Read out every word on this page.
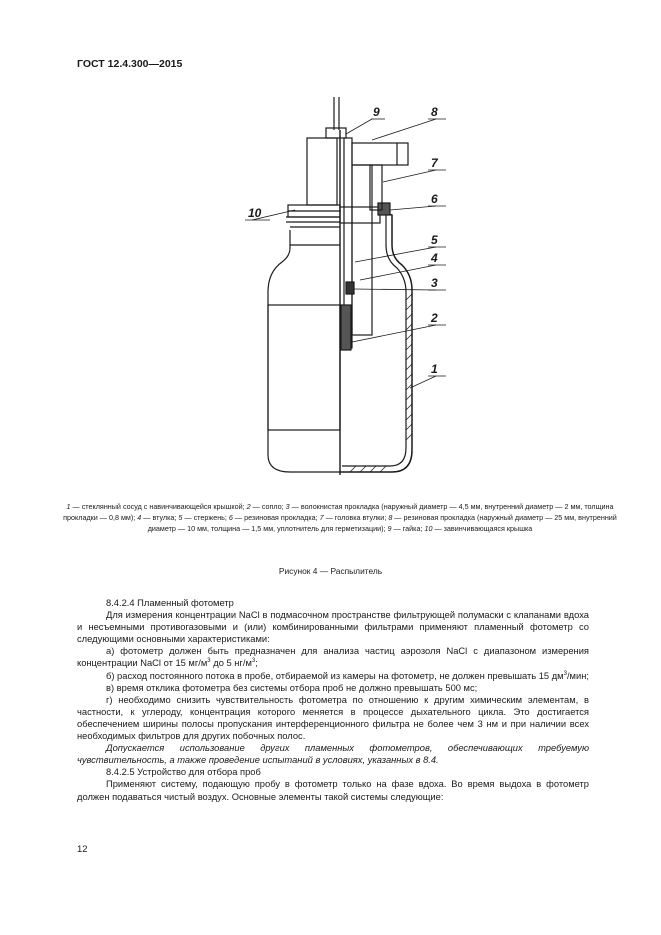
ГОСТ 12.4.300—2015
9	8
7
6
10
5
4
3
2
1
1 — стеклянный сосуд с навинчивающейся крышкой; 2 — сопло; 3 — волокнистая прокладка (наружный диаметр — 4,5 мм, внутренний диаметр — 2 мм, толщина прокладки — 0,8 мм); 4 — втулка; 5 — стержень; 6 — резиновая прокладка; 7 — головка втулки; 8 — резиновая прокладка (наружный диаметр — 25 мм, внутренний диаметр — 10 мм, толщина — 1,5 мм, уплотнитель для герметизации); 9 — гайка; 10 — завинчивающаяся крышка
Рисунок 4 — Распылитель

8.4.2.4 Пламенный фотометр

Для измерения концентрации NaCl в подмасочном пространстве фильтрующей полумаски с клапанами вдоха и несъемными противогазовыми и (или) комбинированными фильтрами применяют пламенный фотометр со следующими основными характеристиками:

а) фотометр должен быть предназначен для анализа частиц аэрозоля NaCl с диапазоном измерения концентрации NaCl от 15 $мг/м^3$ до 5 $нг/м^3$;

б) расход постоянного потока в пробе, отбираемой из камеры на фотометр, не должен превышать 15 $дм^3$/мин;

в) время отклика фотометра без системы отбора проб не должно превышать 500 мс;

г) необходимо снизить чувствительность фотометра по отношению к другим химическим элементам, в частности, к углероду, концентрация которого меняется в процессе дыхательного цикла. Это достигается обеспечением ширины полосы пропускания интерференционного фильтра не более чем 3 нм и при наличии всех необходимых фильтров для других побочных полос.

Допускается использование других пламенных фотометров, обеспечивающих требуемую чувствительность, а также проведение испытаний в условиях, указанных в 8.4.

8.4.2.5 Устройство для отбора проб

Применяют систему, подающую пробу в фотометр только на фазе вдоха. Во время выдоха в фотометр должен подаваться чистый воздух. Основные элементы такой системы следующие:

12
